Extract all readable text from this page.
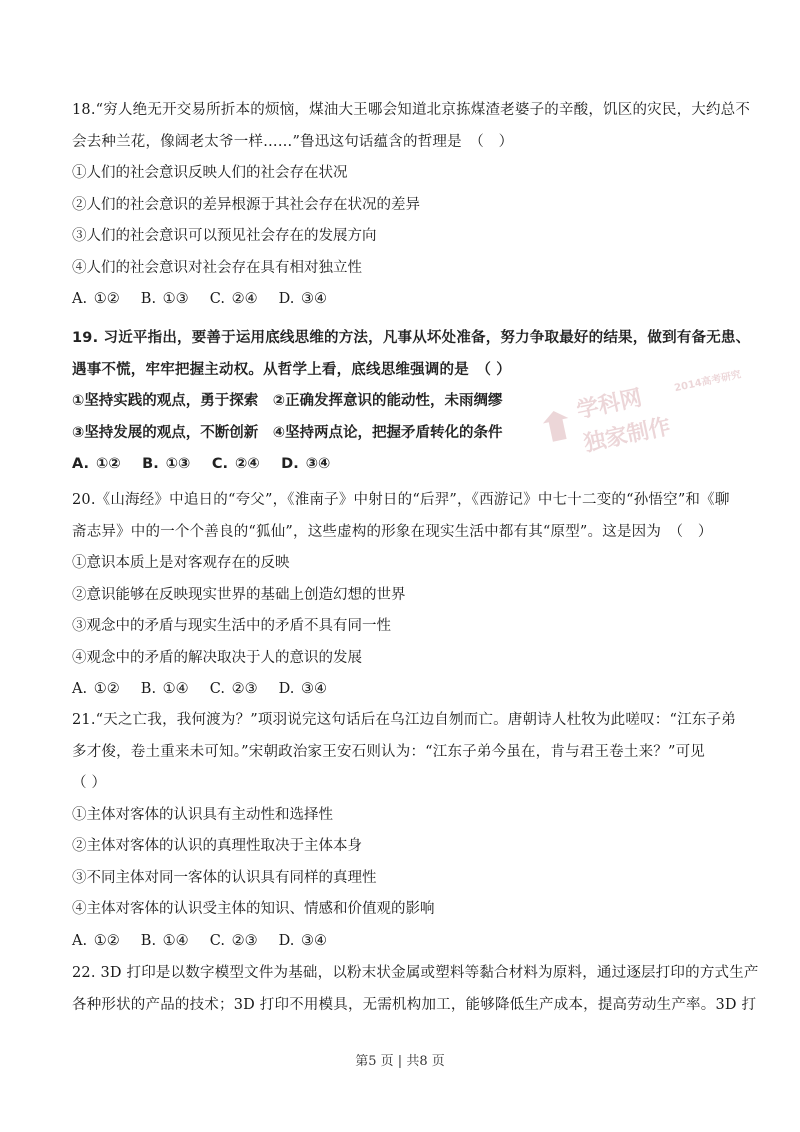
18.“穷人绝无开交易所折本的烦恼，煤油大王哪会知道北京拣煤渣老婆子的辛酸，饥区的灾民，大约总不
会去种兰花，像阔老太爷一样……”鲁迅这句话蕴含的哲理是　（　）
①人们的社会意识反映人们的社会存在状况
②人们的社会意识的差异根源于其社会存在状况的差异
③人们的社会意识可以预见社会存在的发展方向
④人们的社会意识对社会存在具有相对独立性
A. ①②　 B. ①③　 C. ②④　 D. ③④
19. 习近平指出，要善于运用底线思维的方法，凡事从坏处准备，努力争取最好的结果，做到有备无患、
遇事不慌，牢牢把握主动权。从哲学上看，底线思维强调的是　（ ）
①坚持实践的观点，勇于探索　②正确发挥意识的能动性，未雨绸缪
③坚持发展的观点，不断创新　④坚持两点论，把握矛盾转化的条件
A. ①②　 B. ①③　 C. ②④　 D. ③④
学科网
独家制作
2014高考研究
20.《山海经》中追日的“夸父”，《淮南子》中射日的“后羿”，《西游记》中七十二变的“孙悟空”和《聊
斋志异》中的一个个善良的“狐仙”，这些虚构的形象在现实生活中都有其“原型”。这是因为　（　）
①意识本质上是对客观存在的反映
②意识能够在反映现实世界的基础上创造幻想的世界
③观念中的矛盾与现实生活中的矛盾不具有同一性
④观念中的矛盾的解决取决于人的意识的发展
A. ①②　 B. ①④　 C. ②③　 D. ③④
21.“天之亡我，我何渡为？”项羽说完这句话后在乌江边自刎而亡。唐朝诗人杜牧为此嗟叹：“江东子弟
多才俊，卷土重来未可知。”宋朝政治家王安石则认为：“江东子弟今虽在，肯与君王卷土来？”可见
（ ）
①主体对客体的认识具有主动性和选择性
②主体对客体的认识的真理性取决于主体本身
③不同主体对同一客体的认识具有同样的真理性
④主体对客体的认识受主体的知识、情感和价值观的影响
A. ①②　 B. ①④　 C. ②③　 D. ③④
22. 3D 打印是以数字模型文件为基础，以粉末状金属或塑料等黏合材料为原料，通过逐层打印的方式生产
各种形状的产品的技术；3D 打印不用模具，无需机构加工，能够降低生产成本，提高劳动生产率。3D 打
第5 页 | 共8 页
